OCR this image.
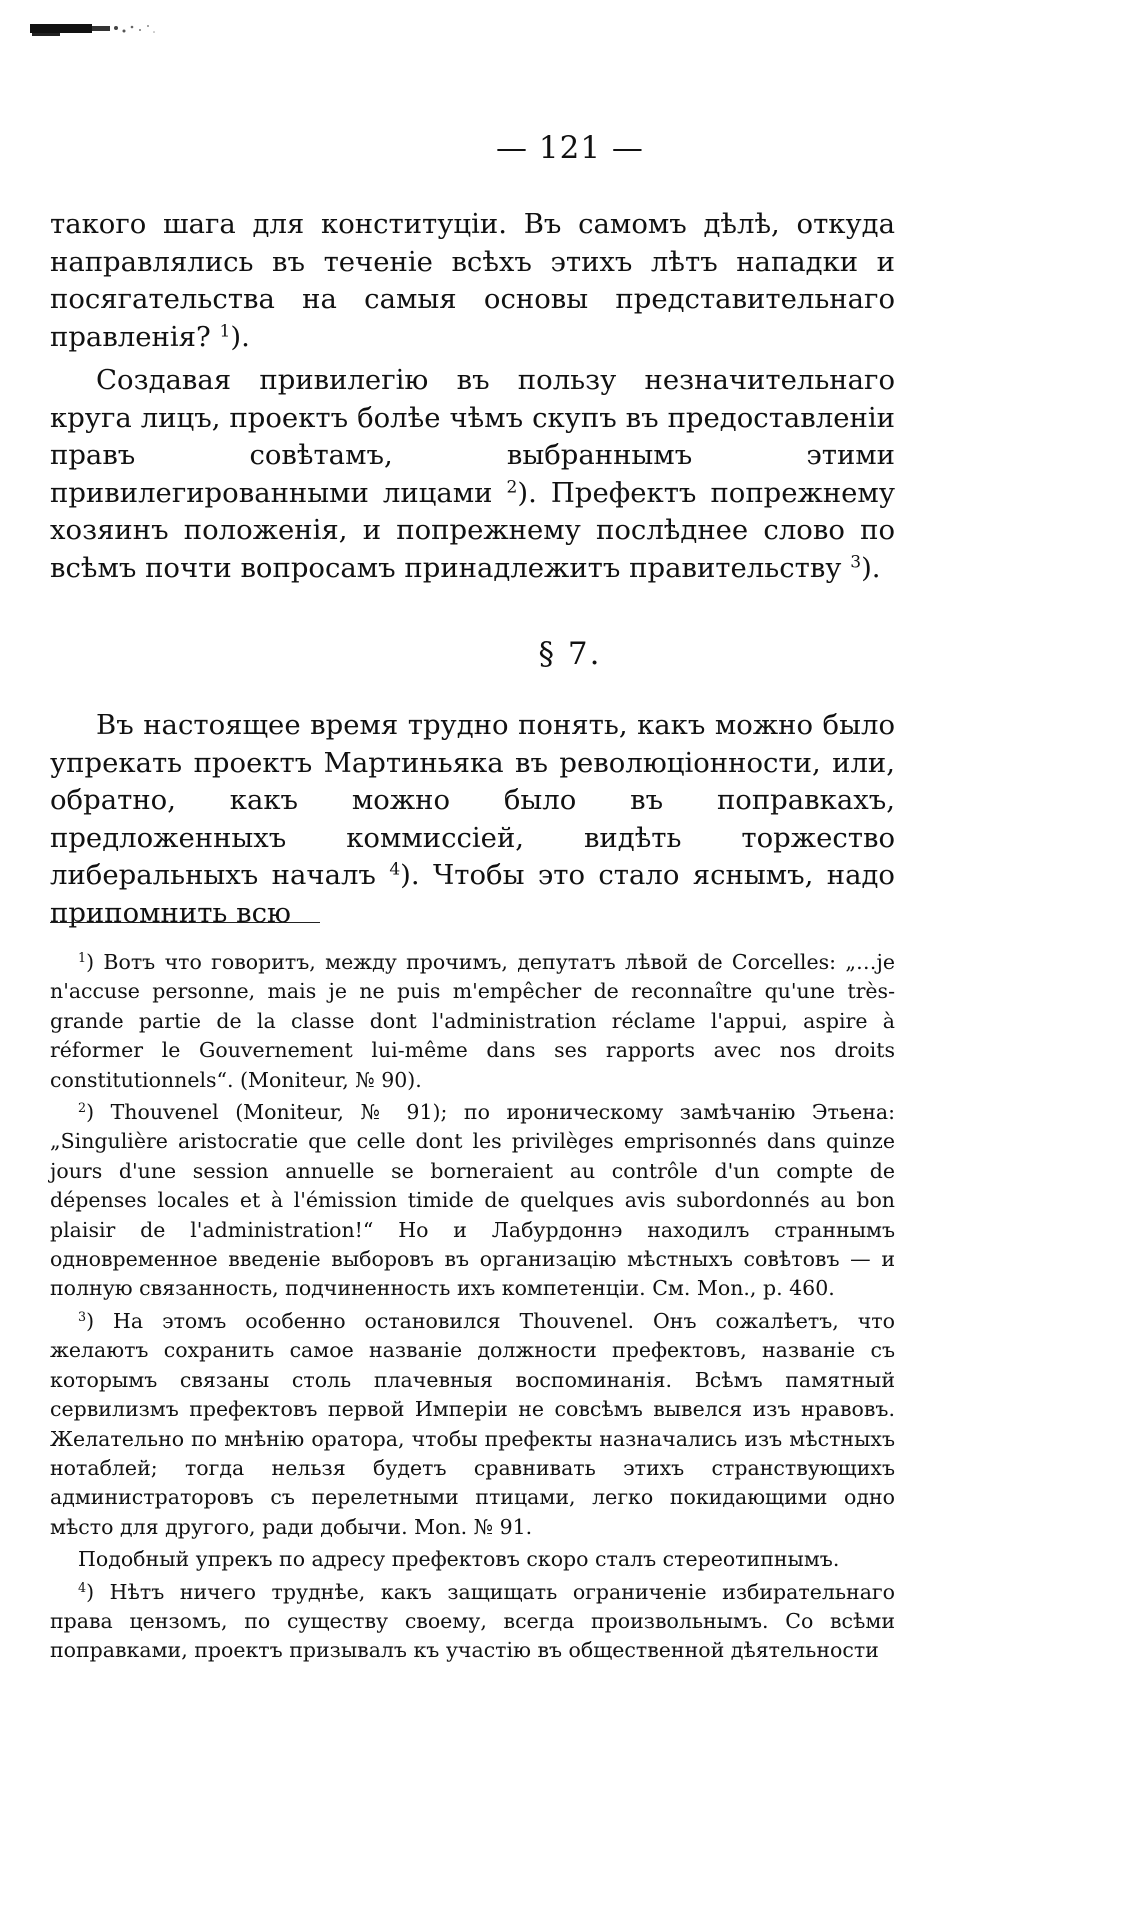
— 121 —

такого шага для конституціи. Въ самомъ дѣлѣ, откуда направлялись въ теченіе всѣхъ этихъ лѣтъ нападки и посягательства на самыя основы представительнаго правленія? $^1$).

Создавая привилегію въ пользу незначительнаго круга лицъ, проектъ болѣе чѣмъ скупъ въ предоставленіи правъ совѣтамъ, выбраннымъ этими привилегированными лицами $^2$). Префектъ попрежнему хозяинъ положенія, и попрежнему послѣднее слово по всѣмъ почти вопросамъ принадлежитъ правительству $^3$).

§ 7.

Въ настоящее время трудно понять, какъ можно было упрекать проектъ Мартиньяка въ революціонности, или, обратно, какъ можно было въ поправкахъ, предложенныхъ коммиссіей, видѣть торжество либеральныхъ началъ $^4$). Чтобы это стало яснымъ, надо припомнить всю

$^1$) Вотъ что говоритъ, между прочимъ, депутатъ лѣвой de Corcelles: „…je n'accuse personne, mais je ne puis m'empêcher de reconnaître qu'une très-grande partie de la classe dont l'administration réclame l'appui, aspire à réformer le Gouvernement lui-même dans ses rapports avec nos droits constitutionnels“. (Moniteur, № 90).

$^2$) Thouvenel (Moniteur, № 91); по ироническому замѣчанію Этьена: „Singulière aristocratie que celle dont les privilèges emprisonnés dans quinze jours d'une session annuelle se borneraient au contrôle d'un compte de dépenses locales et à l'émission timide de quelques avis subordonnés au bon plaisir de l'administration!“ Но и Лабурдоннэ находилъ страннымъ одновременное введеніе выборовъ въ организацію мѣстныхъ совѣтовъ — и полную связанность, подчиненность ихъ компетенціи. См. Mon., p. 460.

$^3$) На этомъ особенно остановился Thouvenel. Онъ сожалѣетъ, что желаютъ сохранить самое названіе должности префектовъ, названіе съ которымъ связаны столь плачевныя воспоминанія. Всѣмъ памятный сервилизмъ префектовъ первой Имперіи не совсѣмъ вывелся изъ нравовъ. Желательно по мнѣнію оратора, чтобы префекты назначались изъ мѣстныхъ нотаблей; тогда нельзя будетъ сравнивать этихъ странствующихъ администраторовъ съ перелетными птицами, легко покидающими одно мѣсто для другого, ради добычи. Mon. № 91.

Подобный упрекъ по адресу префектовъ скоро сталъ стереотипнымъ.

$^4$) Нѣтъ ничего труднѣе, какъ защищать ограниченіе избирательнаго права цензомъ, по существу своему, всегда произвольнымъ. Со всѣми поправками, проектъ призывалъ къ участію въ общественной дѣятельности
